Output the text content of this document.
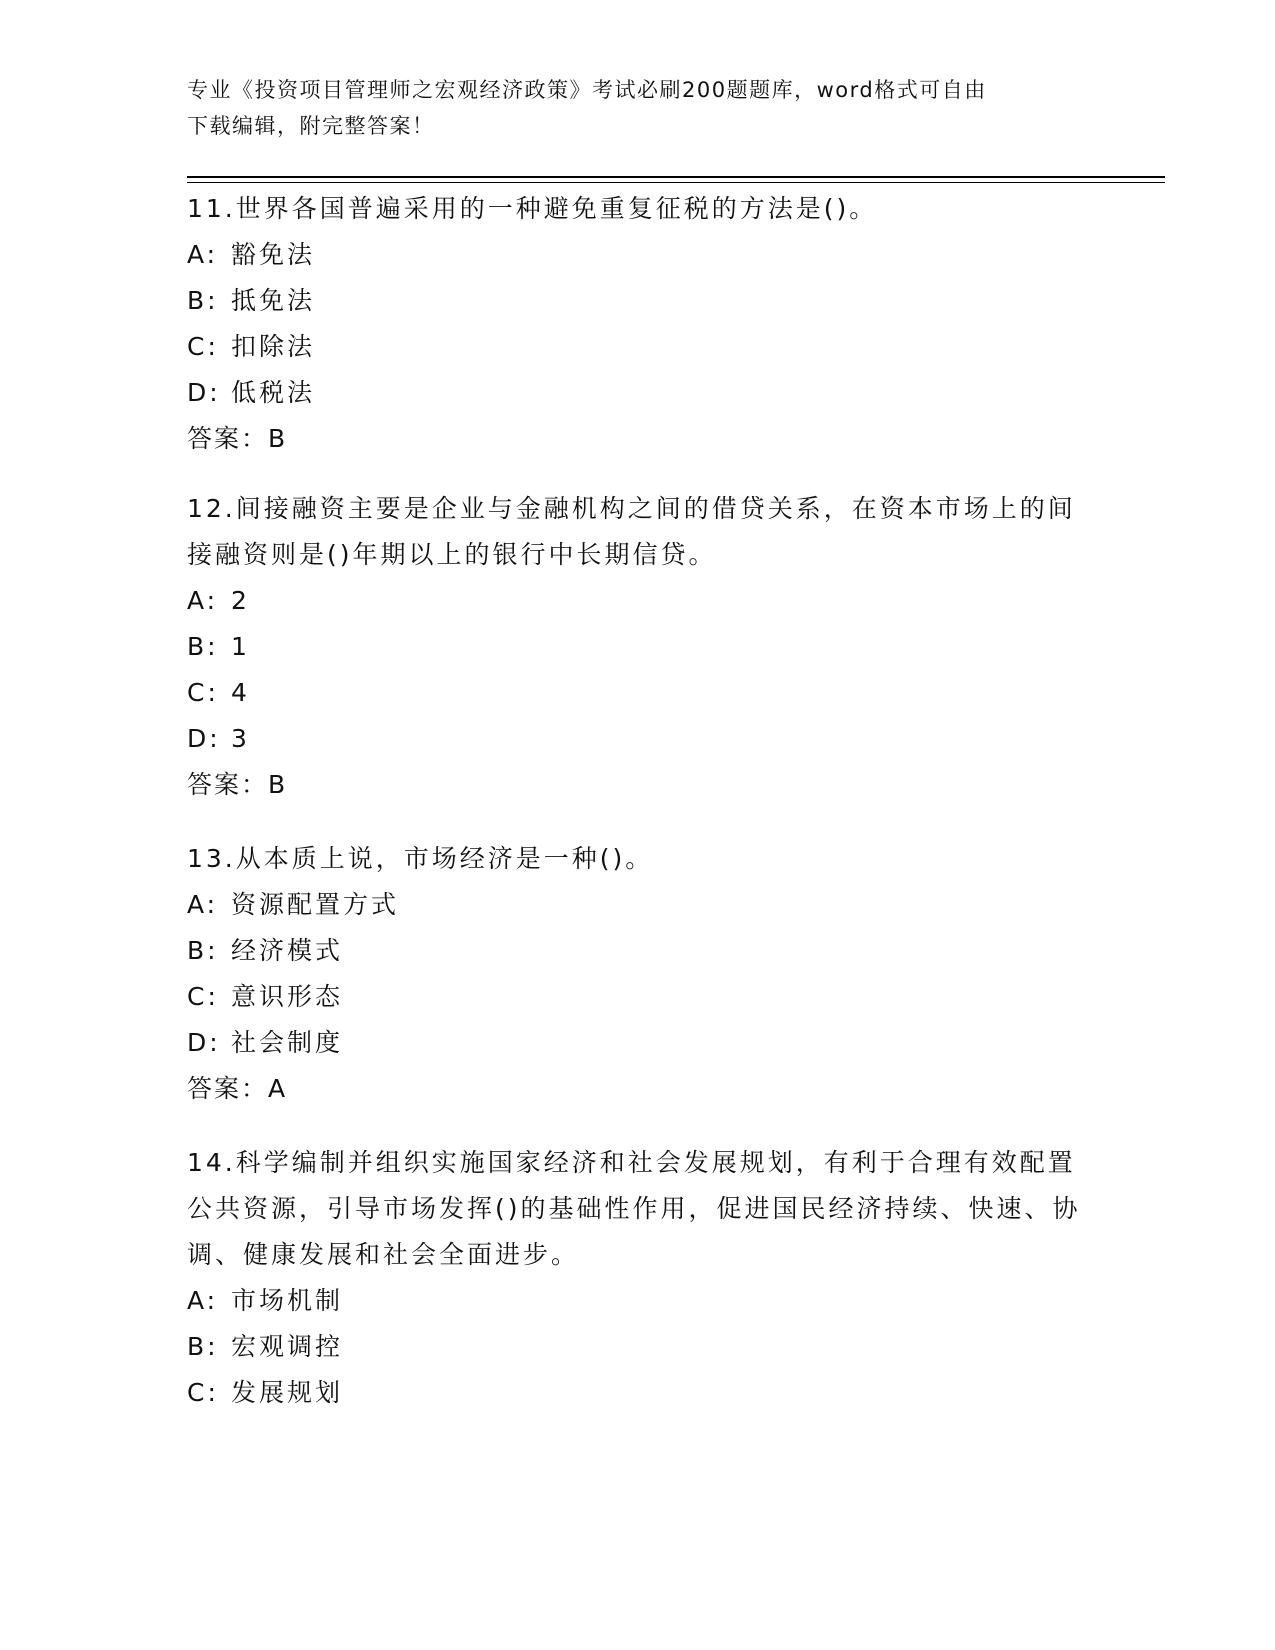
专业《投资项目管理师之宏观经济政策》考试必刷200题题库，word格式可自由
下载编辑，附完整答案！

11.世界各国普遍采用的一种避免重复征税的方法是()。

A: 豁免法

B: 抵免法

C: 扣除法

D: 低税法

答案：B

12.间接融资主要是企业与金融机构之间的借贷关系，在资本市场上的间接融资则是()年期以上的银行中长期信贷。

A: 2

B: 1

C: 4

D: 3

答案：B

13.从本质上说，市场经济是一种()。

A: 资源配置方式

B: 经济模式

C: 意识形态

D: 社会制度

答案：A

14.科学编制并组织实施国家经济和社会发展规划，有利于合理有效配置公共资源，引导市场发挥()的基础性作用，促进国民经济持续、快速、协调、健康发展和社会全面进步。

A: 市场机制

B: 宏观调控

C: 发展规划
